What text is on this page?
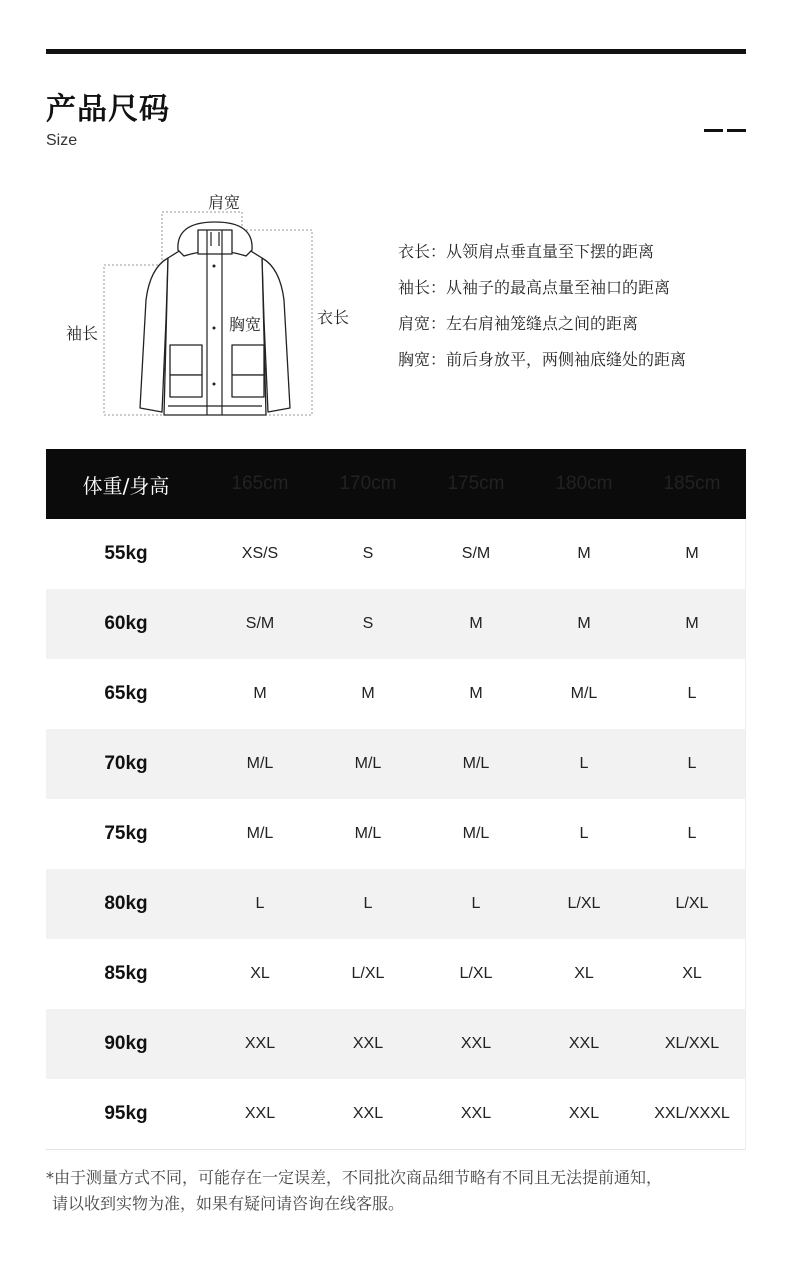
产品尺码
Size
肩宽
袖长	胸宽	衣长
衣长：从领肩点垂直量至下摆的距离
袖长：从袖子的最高点量至袖口的距离
肩宽：左右肩袖笼缝点之间的距离
胸宽：前后身放平，两侧袖底缝处的距离
体重/身高	165cm	170cm	175cm	180cm	185cm
55kg	XS/S	S	S/M	M	M
60kg	S/M	S	M	M	M
65kg	M	M	M	M/L	L
70kg	M/L	M/L	M/L	L	L
75kg	M/L	M/L	M/L	L	L
80kg	L	L	L	L/XL	L/XL
85kg	XL	L/XL	L/XL	XL	XL
90kg	XXL	XXL	XXL	XXL	XL/XXL
95kg	XXL	XXL	XXL	XXL	XXL/XXXL
*由于测量方式不同，可能存在一定误差，不同批次商品细节略有不同且无法提前通知，
请以收到实物为准，如果有疑问请咨询在线客服。
